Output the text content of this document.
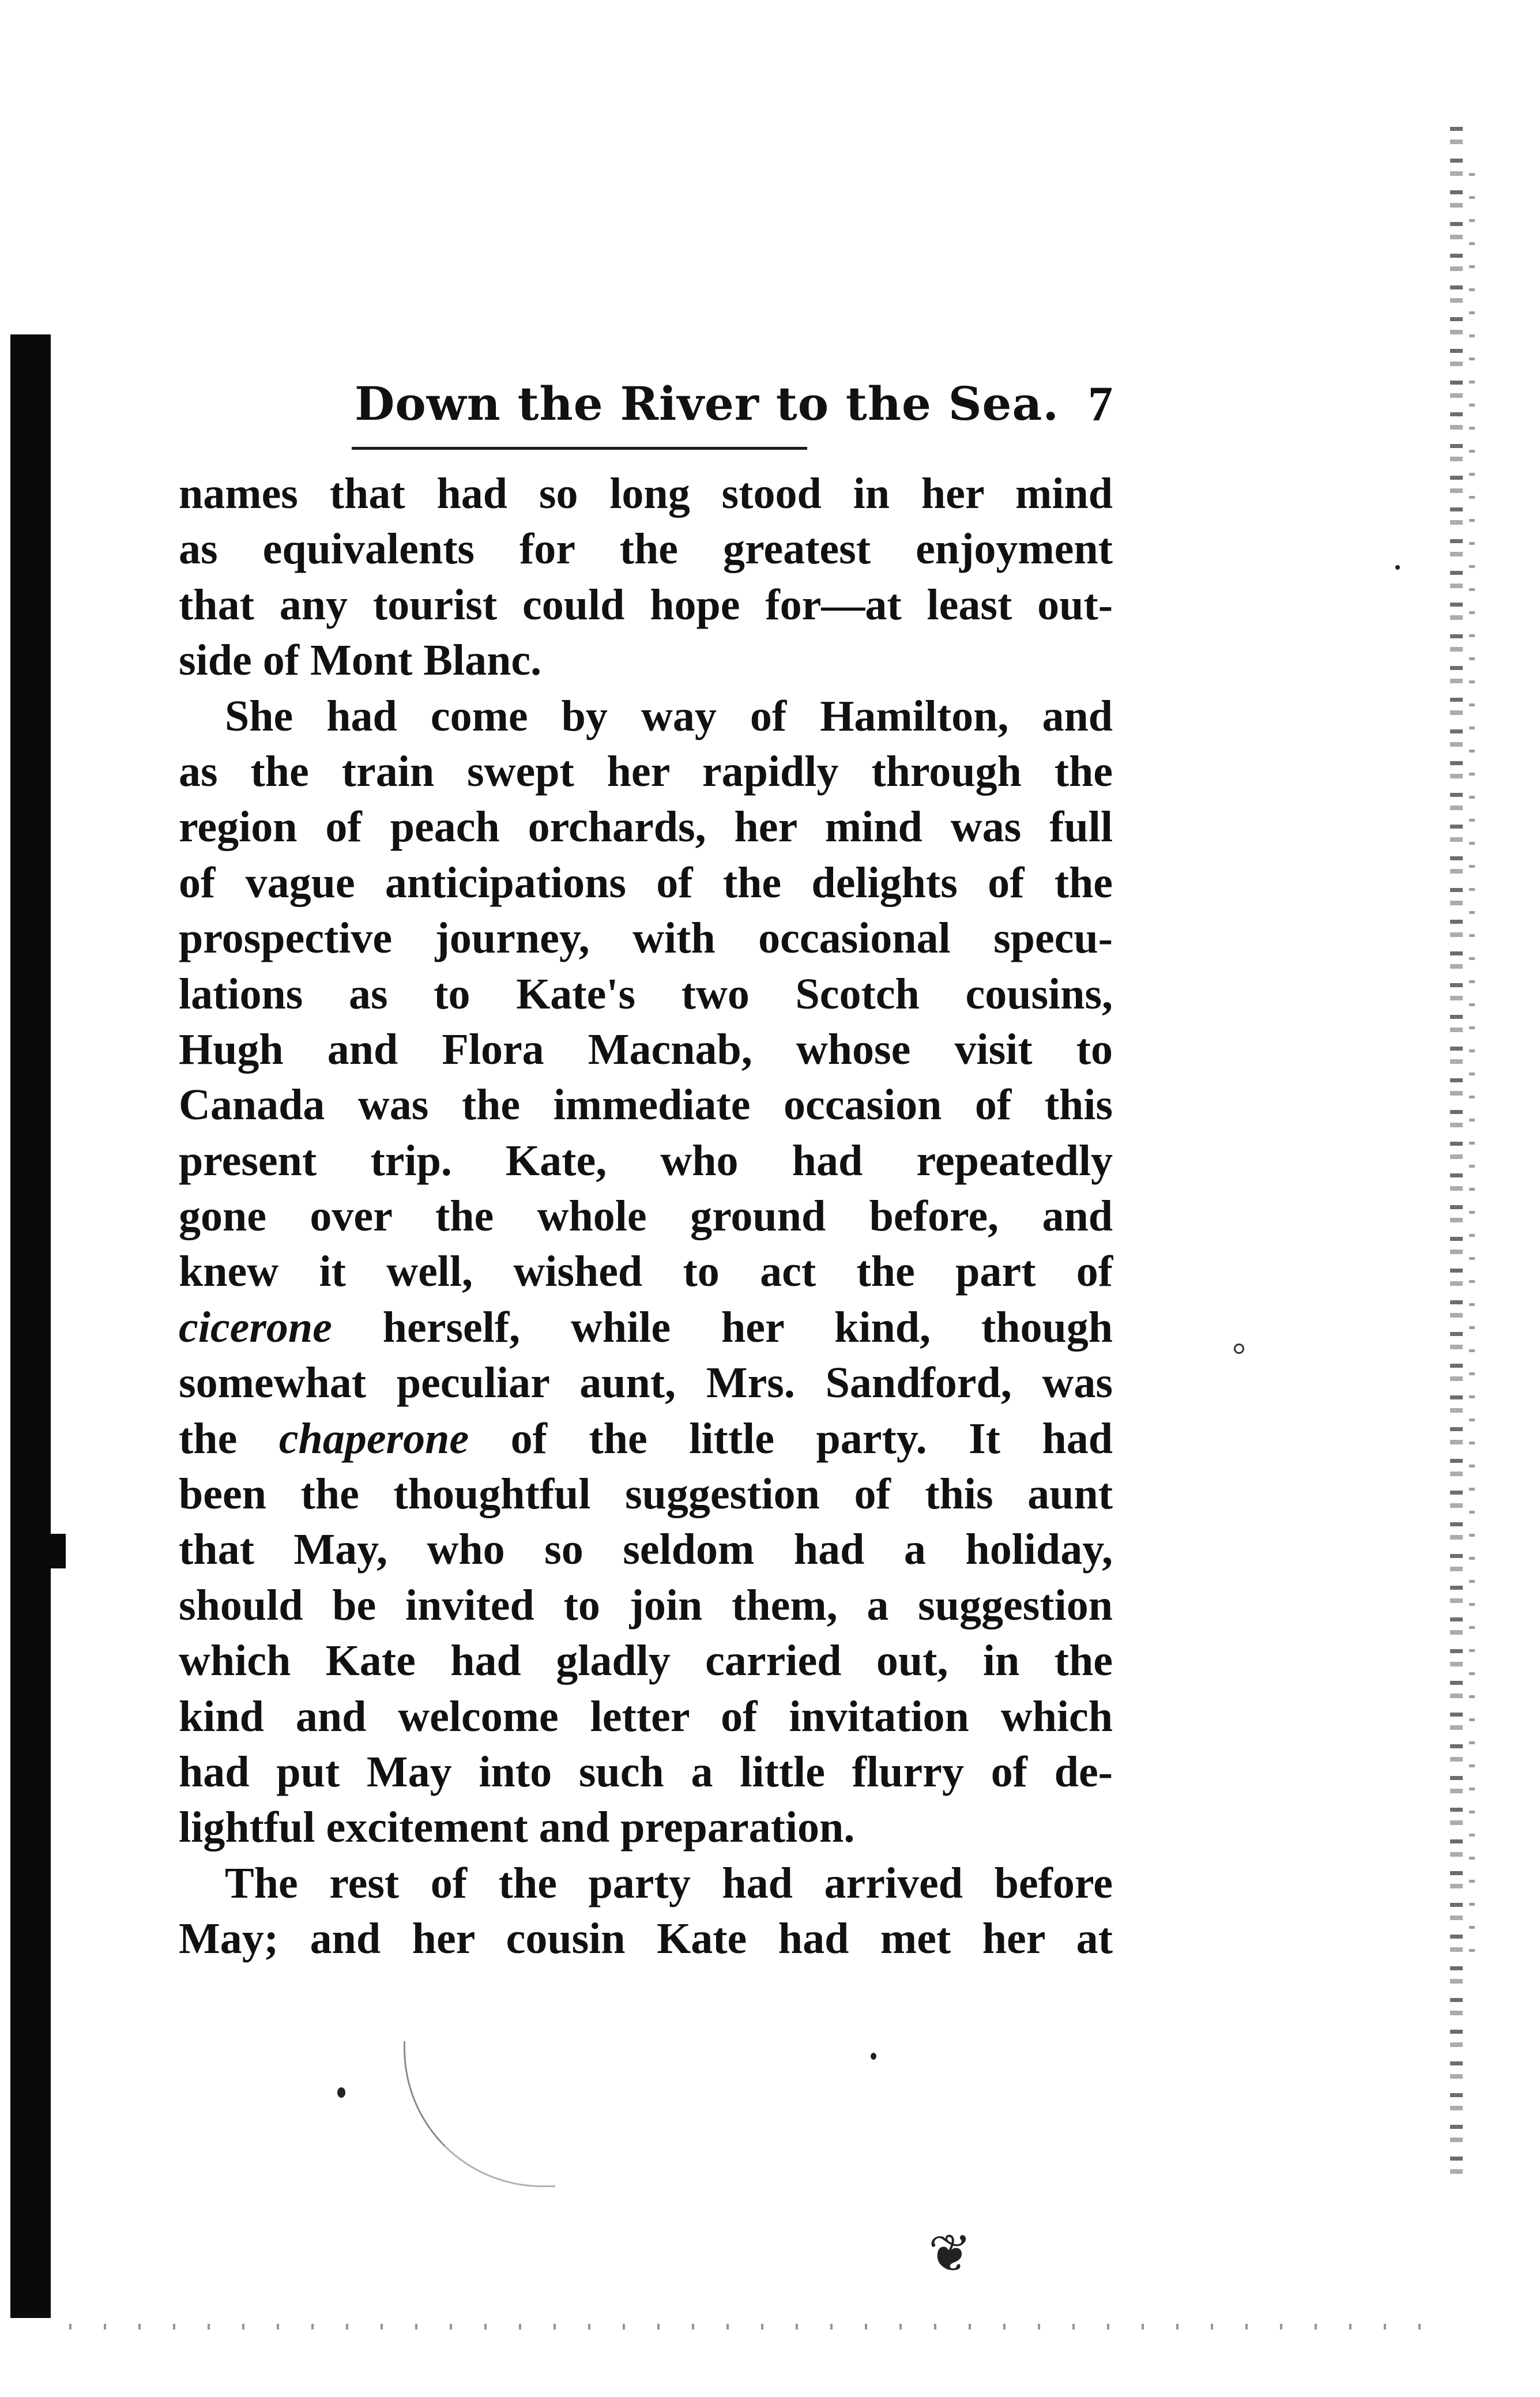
Down the River to the Sea. 7
names that had so long stood in her mind
as equivalents for the greatest enjoyment
that any tourist could hope for—at least out-
side of Mont Blanc.
She had come by way of Hamilton, and
as the train swept her rapidly through the
region of peach orchards, her mind was full
of vague anticipations of the delights of the
prospective journey, with occasional specu-
lations as to Kate's two Scotch cousins,
Hugh and Flora Macnab, whose visit to
Canada was the immediate occasion of this
present trip. Kate, who had repeatedly
gone over the whole ground before, and
knew it well, wished to act the part of
cicerone herself, while her kind, though
somewhat peculiar aunt, Mrs. Sandford, was
the chaperone of the little party. It had
been the thoughtful suggestion of this aunt
that May, who so seldom had a holiday,
should be invited to join them, a suggestion
which Kate had gladly carried out, in the
kind and welcome letter of invitation which
had put May into such a little flurry of de-
lightful excitement and preparation.
The rest of the party had arrived before
May; and her cousin Kate had met her at
❦
